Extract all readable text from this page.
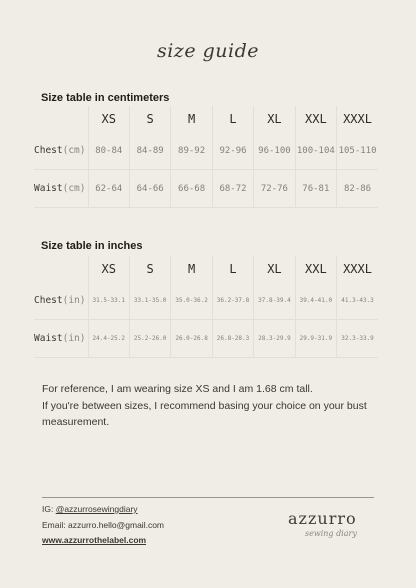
size guide
Size table in centimeters
	XS	S	M	L	XL	XXL	XXXL
Chest(cm)	80-84	84-89	89-92	92-96	96-100	100-104	105-110
Waist(cm)	62-64	64-66	66-68	68-72	72-76	76-81	82-86
Size table in inches
	XS	S	M	L	XL	XXL	XXXL
Chest(in)	31.5-33.1	33.1-35.0	35.0-36.2	36.2-37.8	37.8-39.4	39.4-41.0	41.3-43.3
Waist(in)	24.4-25.2	25.2-26.0	26.0-26.8	26.8-28.3	28.3-29.9	29.9-31.9	32.3-33.9

For reference, I am wearing size XS and I am 1.68 cm tall.

If you're between sizes, I recommend basing your choice on your bust measurement.

IG: @azzurrosewingdiary
Email: azzurro.hello@gmail.com
www.azzurrothelabel.com
azzurro
sewing diary
